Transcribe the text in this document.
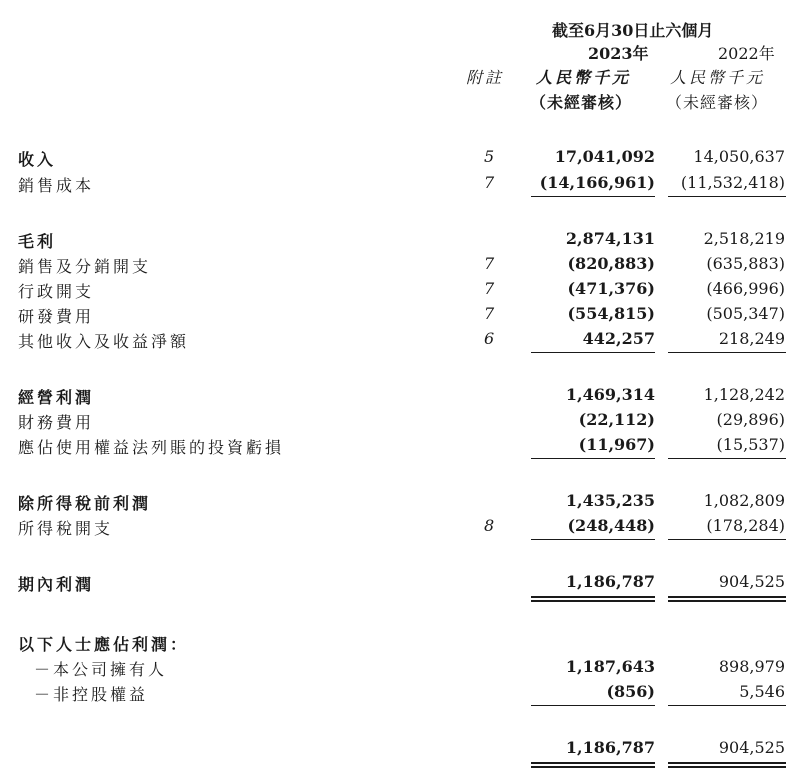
截至6月30日止六個月
2023年	2022年
附註 人民幣千元 人民幣千元
（未經審核） （未經審核）
收入	5	17,041,092 14,050,637
銷售成本	7	(14,166,961) (11,532,418)
毛利	2,874,131	2,518,219
銷售及分銷開支	7	(820,883)	(635,883)
行政開支	7	(471,376)	(466,996)
研發費用	7	(554,815)	(505,347)
其他收入及收益淨額	6	442,257	218,249
經營利潤	1,469,314	1,128,242
財務費用	(22,112)	(29,896)
應佔使用權益法列賬的投資虧損	(11,967)	(15,537)
除所得稅前利潤	1,435,235	1,082,809
所得稅開支	8	(248,448)	(178,284)
期內利潤	1,186,787	904,525
以下人士應佔利潤：
－本公司擁有人	1,187,643	898,979
－非控股權益	(856)	5,546
1,186,787	904,525
